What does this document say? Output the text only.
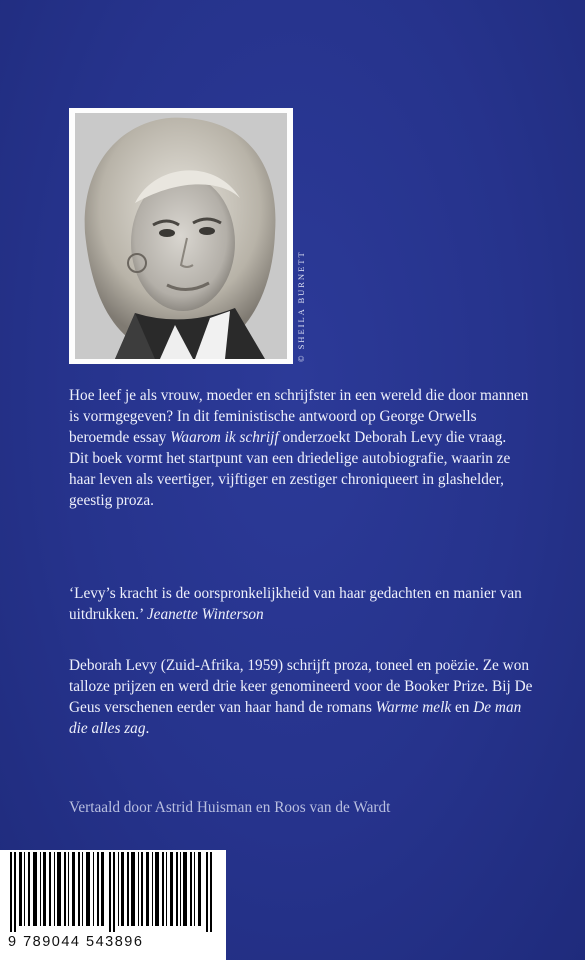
© SHEILA BURNETT

Hoe leef je als vrouw, moeder en schrijfster in een wereld die door mannen is vormgegeven? In dit feministische antwoord op George Orwells beroemde essay Waarom ik schrijf onderzoekt Deborah Levy die vraag. Dit boek vormt het startpunt van een driedelige autobiografie, waarin ze haar leven als veertiger, vijftiger en zestiger chroniqueert in glashelder, geestig proza.

‘Levy’s kracht is de oorspronkelijkheid van haar gedachten en manier van uitdrukken.’ Jeanette Winterson

Deborah Levy (Zuid-Afrika, 1959) schrijft proza, toneel en poëzie. Ze won talloze prijzen en werd drie keer genomineerd voor de Booker Prize. Bij De Geus verschenen eerder van haar hand de romans Warme melk en De man die alles zag.

Vertaald door Astrid Huisman en Roos van de Wardt
9 789044 543896
